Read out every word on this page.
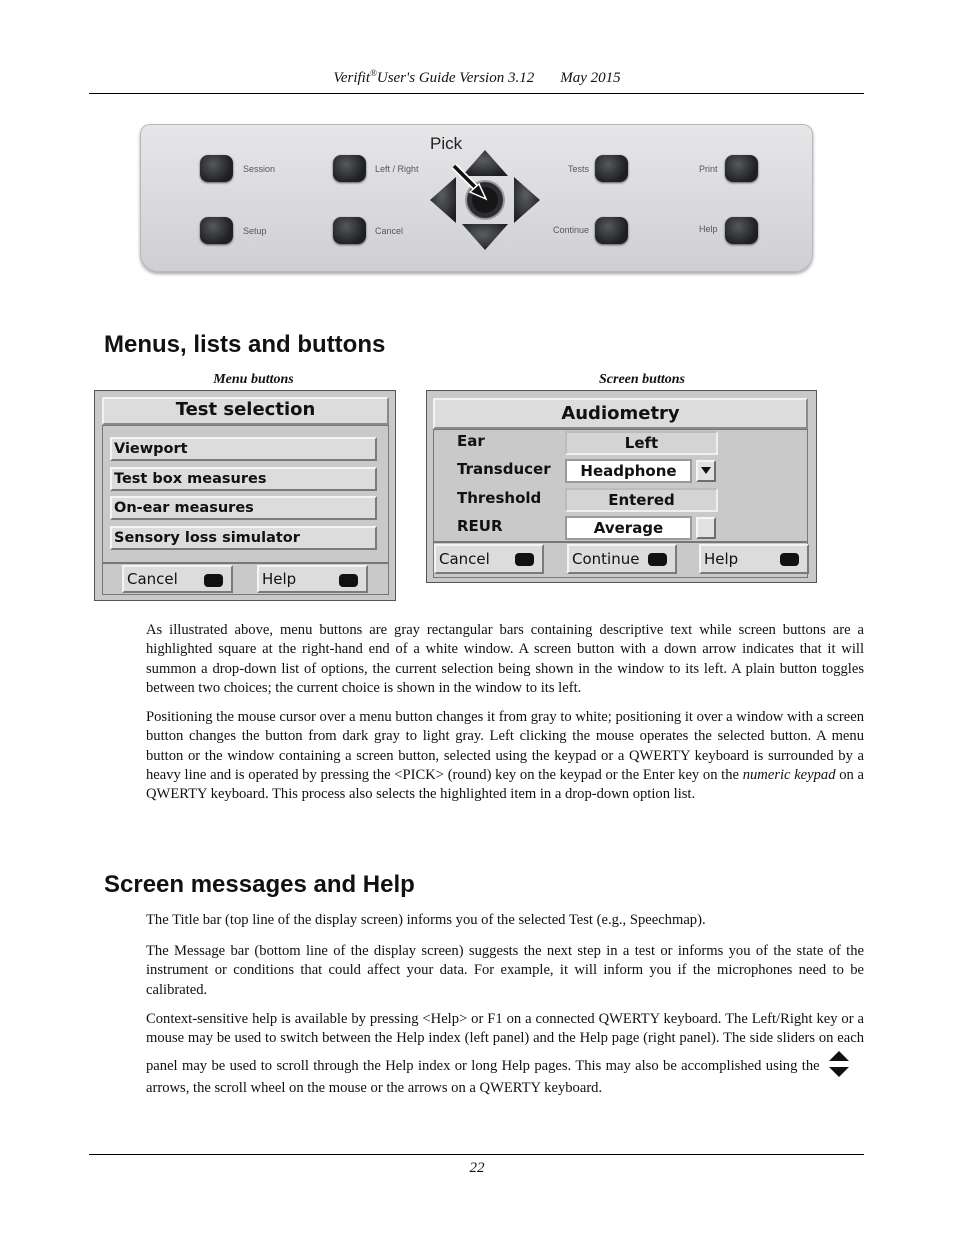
Verifit®User's Guide Version 3.12 May 2015
Session	Left / Right	Tests	Print
Setup	Cancel	Continue	Help
Pick
Menus, lists and buttons
Menu buttons	Screen buttons
Test selection
Viewport
Test box measures
On-ear measures
Sensory loss simulator
Cancel	Help
Audiometry
Ear	Left
Transducer	Headphone
Threshold	Entered
REUR	Average
Cancel	Continue	Help

As illustrated above, menu buttons are gray rectangular bars containing descriptive text while screen buttons are a highlighted square at the right-hand end of a white window. A screen button with a down arrow indicates that it will summon a drop-down list of options, the current selection being shown in the window to its left. A plain button toggles between two choices; the current choice is shown in the window to its left.

Positioning the mouse cursor over a menu button changes it from gray to white; positioning it over a window with a screen button changes the button from dark gray to light gray. Left clicking the mouse operates the selected button. A menu button or the window containing a screen button, selected using the keypad or a QWERTY keyboard is surrounded by a heavy line and is operated by pressing the <PICK> (round) key on the keypad or the Enter key on the numeric keypad on a QWERTY keyboard. This process also selects the highlighted item in a drop-down option list.

Screen messages and Help

The Title bar (top line of the display screen) informs you of the selected Test (e.g., Speechmap).

The Message bar (bottom line of the display screen) suggests the next step in a test or informs you of the state of the instrument or conditions that could affect your data. For example, it will inform you if the microphones need to be calibrated.

Context-sensitive help is available by pressing <Help> or F1 on a connected QWERTY keyboard. The Left/Right key or a mouse may be used to switch between the Help index (left panel) and the Help page (right panel). The side sliders on each panel may be used to scroll through the Help index or long Help pages. This may also be accomplished using the  arrows, the scroll wheel on the mouse or the arrows on a QWERTY keyboard.

22
